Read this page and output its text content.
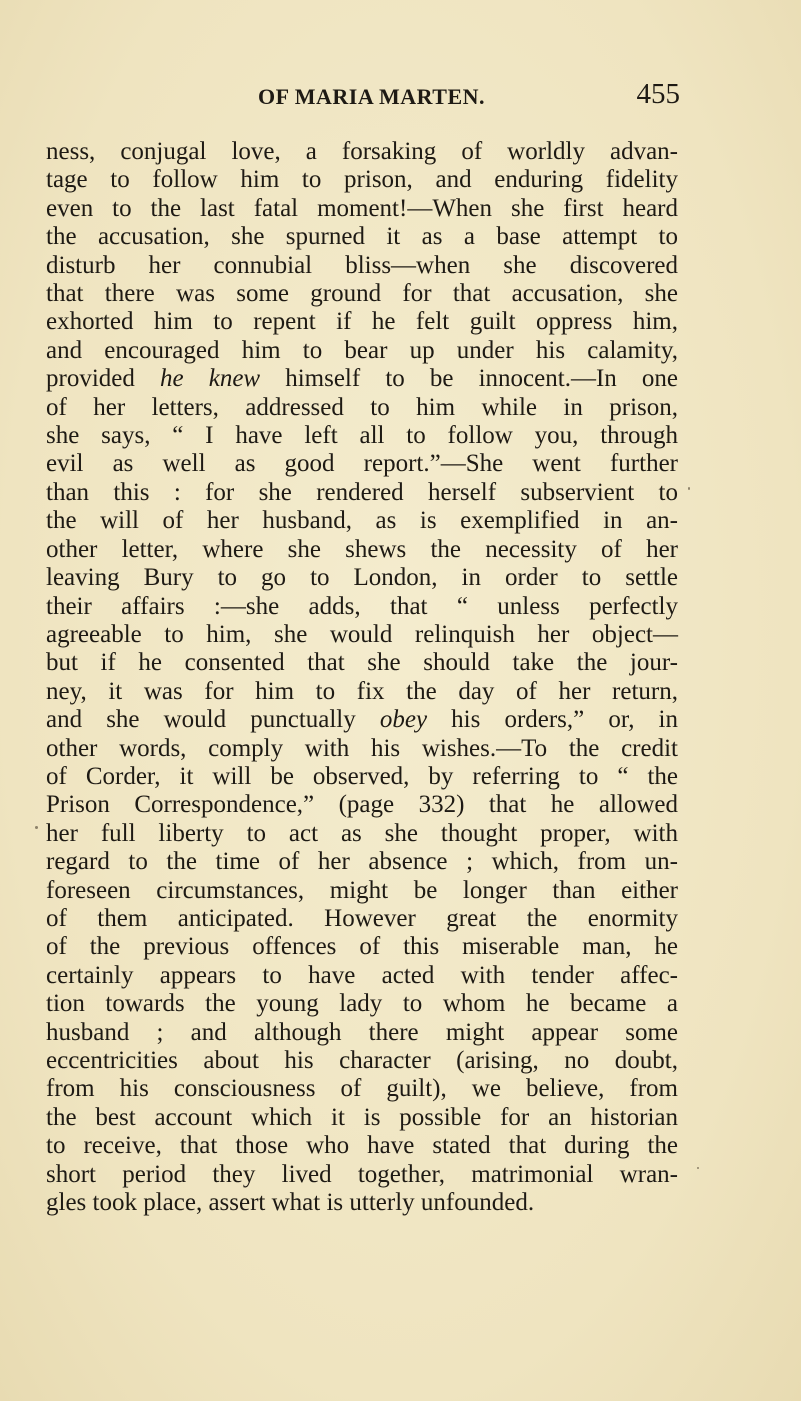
OF MARIA MARTEN.	455
ness, conjugal love, a forsaking of worldly advan-
tage to follow him to prison, and enduring fidelity
even to the last fatal moment!—When she first heard
the accusation, she spurned it as a base attempt to
disturb her connubial bliss—when she discovered
that there was some ground for that accusation, she
exhorted him to repent if he felt guilt oppress him,
and encouraged him to bear up under his calamity,
provided he knew himself to be innocent.—In one
of her letters, addressed to him while in prison,
she says, “ I have left all to follow you, through
evil as well as good report.”—She went further
than this : for she rendered herself subservient to
the will of her husband, as is exemplified in an-
other letter, where she shews the necessity of her
leaving Bury to go to London, in order to settle
their affairs :—she adds, that “ unless perfectly
agreeable to him, she would relinquish her object—
but if he consented that she should take the jour-
ney, it was for him to fix the day of her return,
and she would punctually obey his orders,” or, in
other words, comply with his wishes.—To the credit
of Corder, it will be observed, by referring to “ the
Prison Correspondence,” (page 332) that he allowed
her full liberty to act as she thought proper, with
regard to the time of her absence ; which, from un-
foreseen circumstances, might be longer than either
of them anticipated. However great the enormity
of the previous offences of this miserable man, he
certainly appears to have acted with tender affec-
tion towards the young lady to whom he became a
husband ; and although there might appear some
eccentricities about his character (arising, no doubt,
from his consciousness of guilt), we believe, from
the best account which it is possible for an historian
to receive, that those who have stated that during the
short period they lived together, matrimonial wran-
gles took place, assert what is utterly unfounded.
